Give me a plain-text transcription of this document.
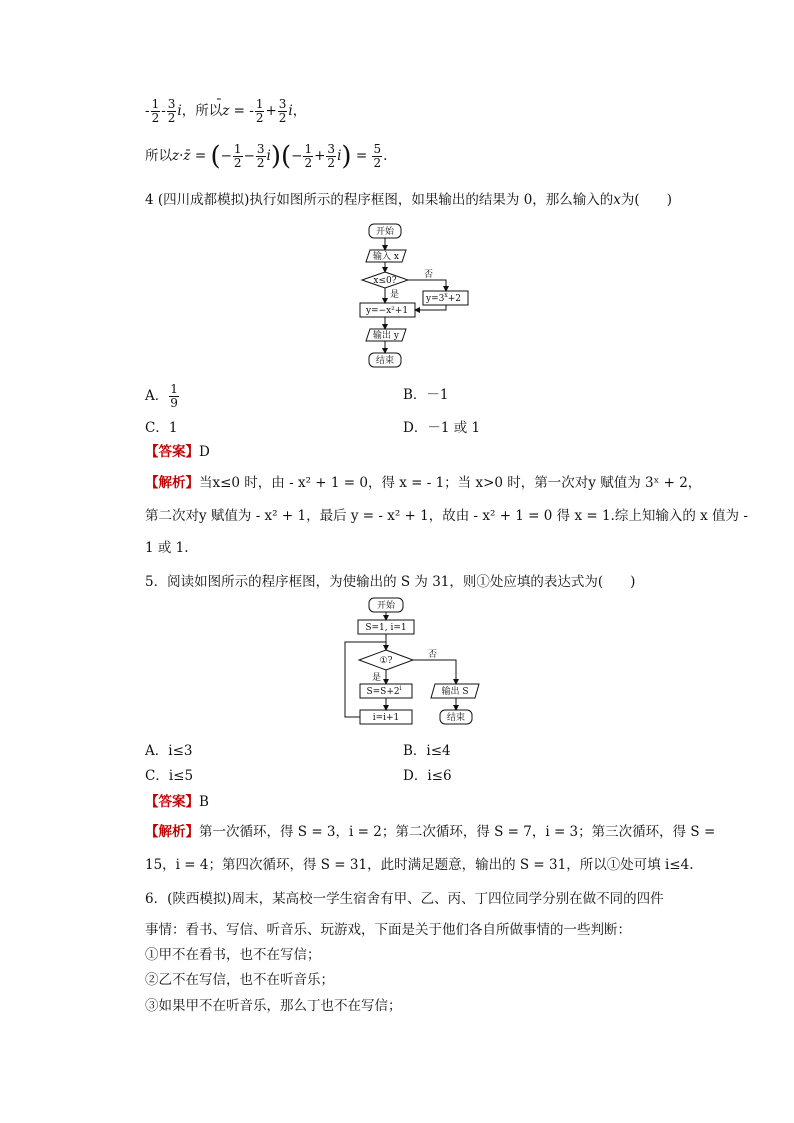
- $\frac{1}{2} - \frac{3}{2}$ i，所以z
= - $\frac{1}{2} + \frac{3}{2}$ i，
所以z·z̄ = (− $\frac{1}{2} - \frac{3}{2} i)(- \frac{1}{2} + \frac{3}{2} i) = \frac{5}{2}$ .
4 (四川成都模拟)执行如图所示的程序框图，如果输出的结果为 0，那么输入的x为(　　)
开始
输入 x
x≤0?
否
是	$y=3^x+2$
y=−x²+1
输出 y
结束
A． $\frac{1}{9}$	B．－1
C．1	D．－1 或 1
【答案】D
【解析】当x≤0 时，由 - x² + 1 = 0，得 x = - 1；当 x>0 时，第一次对y 赋值为 3ˣ + 2，
第二次对y 赋值为 - x² + 1，最后 y = - x² + 1，故由 - x² + 1 = 0 得 x = 1.综上知输入的 x 值为 -
1 或 1.
5．阅读如图所示的程序框图，为使输出的 S 为 31，则①处应填的表达式为(　　)
开始
S=1, i=1
①?
否
是
$S=S+2^i$
i=i+1
输出 S
结束
A．i≤3	B．i≤4
C．i≤5	D．i≤6
【答案】B
【解析】第一次循环，得 S = 3，i = 2；第二次循环，得 S = 7，i = 3；第三次循环，得 S =
15，i = 4；第四次循环，得 S = 31，此时满足题意，输出的 S = 31，所以①处可填 i≤4.
6．(陕西模拟)周末，某高校一学生宿舍有甲、乙、丙、丁四位同学分别在做不同的四件
事情：看书、写信、听音乐、玩游戏，下面是关于他们各自所做事情的一些判断：
①甲不在看书，也不在写信；
②乙不在写信，也不在听音乐；
③如果甲不在听音乐，那么丁也不在写信；
